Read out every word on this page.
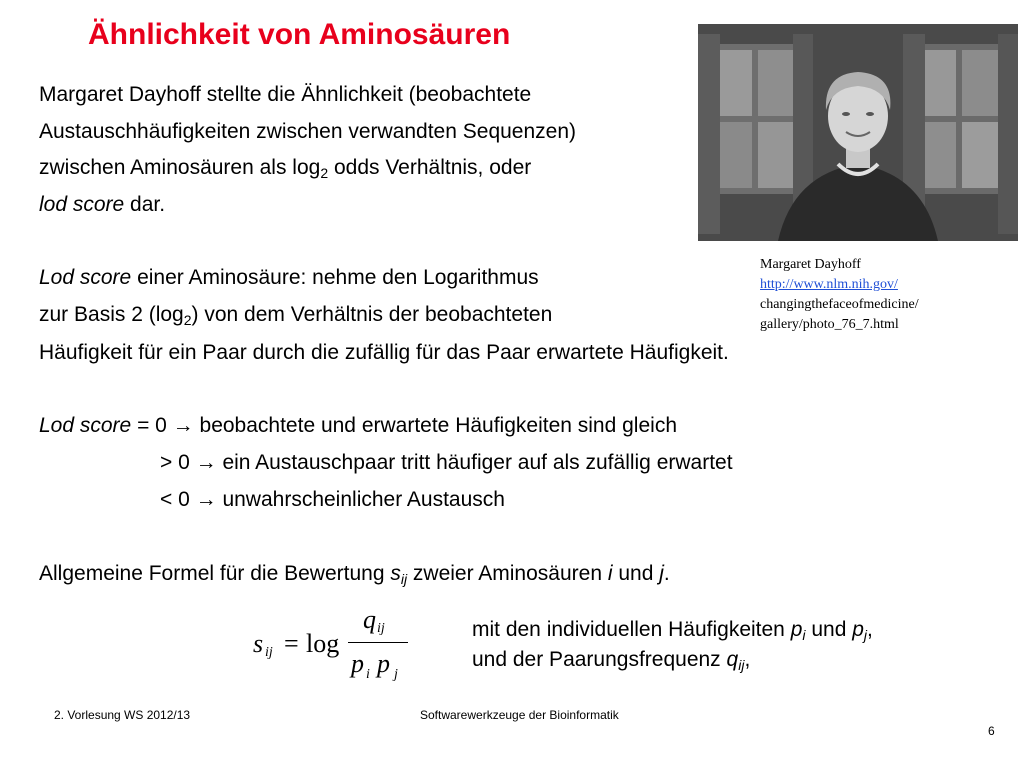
Ähnlichkeit von Aminosäuren
Margaret Dayhoff stellte die Ähnlichkeit (beobachtete
Austauschhäufigkeiten zwischen verwandten Sequenzen)
zwischen Aminosäuren als $\log_2$ odds Verhältnis, oder
lod score dar.
Lod score einer Aminosäure: nehme den Logarithmus
zur Basis 2 $(\log_2)$ von dem Verhältnis der beobachteten
Häufigkeit für ein Paar durch die zufällig für das Paar erwartete Häufigkeit.
Lod score = 0 → beobachtete und erwartete Häufigkeiten sind gleich
> 0 → ein Austauschpaar tritt häufiger auf als zufällig erwartet
< 0 → unwahrscheinlicher Austausch
Allgemeine Formel für die Bewertung $s_{ij}$ zweier Aminosäuren i und j.
s ij = log
q ij
p i p j
mit den individuellen Häufigkeiten $p_i$ und $p_j$,
und der Paarungsfrequenz $q_{ij}$,
Margaret Dayhoff
http://www.nlm.nih.gov/
changingthefaceofmedicine/
gallery/photo_76_7.html
2. Vorlesung WS 2012/13	Softwarewerkzeuge der Bioinformatik
6
